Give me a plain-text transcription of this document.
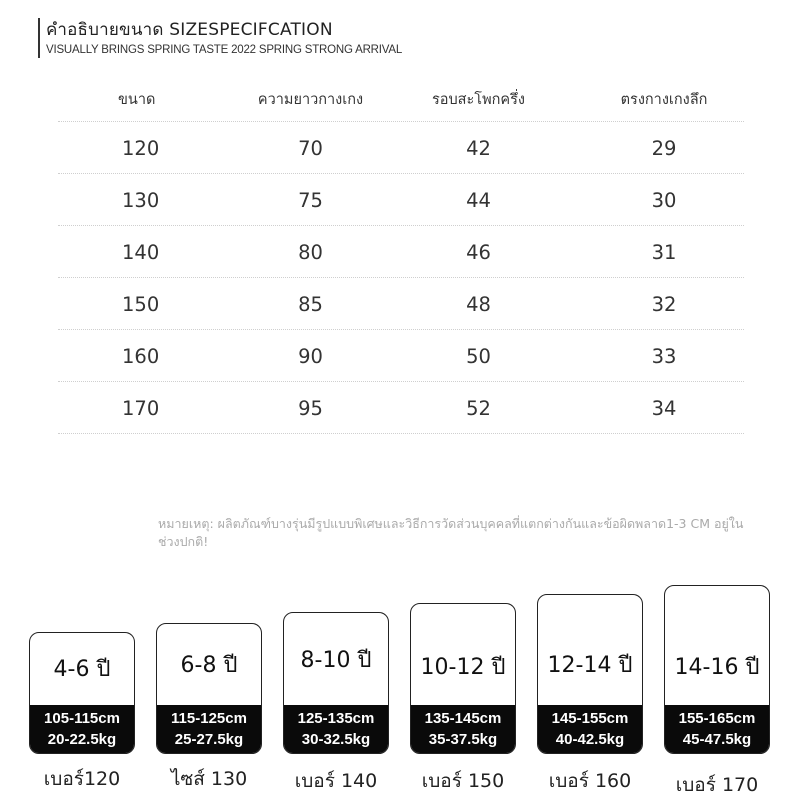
คำอธิบายขนาด SIZESPECIFCATION
VISUALLY BRINGS SPRING TASTE 2022 SPRING STRONG ARRIVAL
ขนาด	ความยาวกางเกง	รอบสะโพกครึ่ง	ตรงกางเกงลึก
120	70	42	29
130	75	44	30
140	80	46	31
150	85	48	32
160	90	50	33
170	95	52	34
หมายเหตุ: ผลิตภัณฑ์บางรุ่นมีรูปแบบพิเศษและวิธีการวัดส่วนบุคคลที่แตกต่างกันและข้อผิดพลาด1-3 CM อยู่ในช่วงปกติ!
4-6 ปี
105-115cm
20-22.5kg
6-8 ปี
115-125cm
25-27.5kg
8-10 ปี
125-135cm
30-32.5kg
10-12 ปี
135-145cm
35-37.5kg
12-14 ปี
145-155cm
40-42.5kg
14-16 ปี
155-165cm
45-47.5kg
เบอร์120	ไซส์ 130	เบอร์ 140	เบอร์ 150	เบอร์ 160	เบอร์ 170
